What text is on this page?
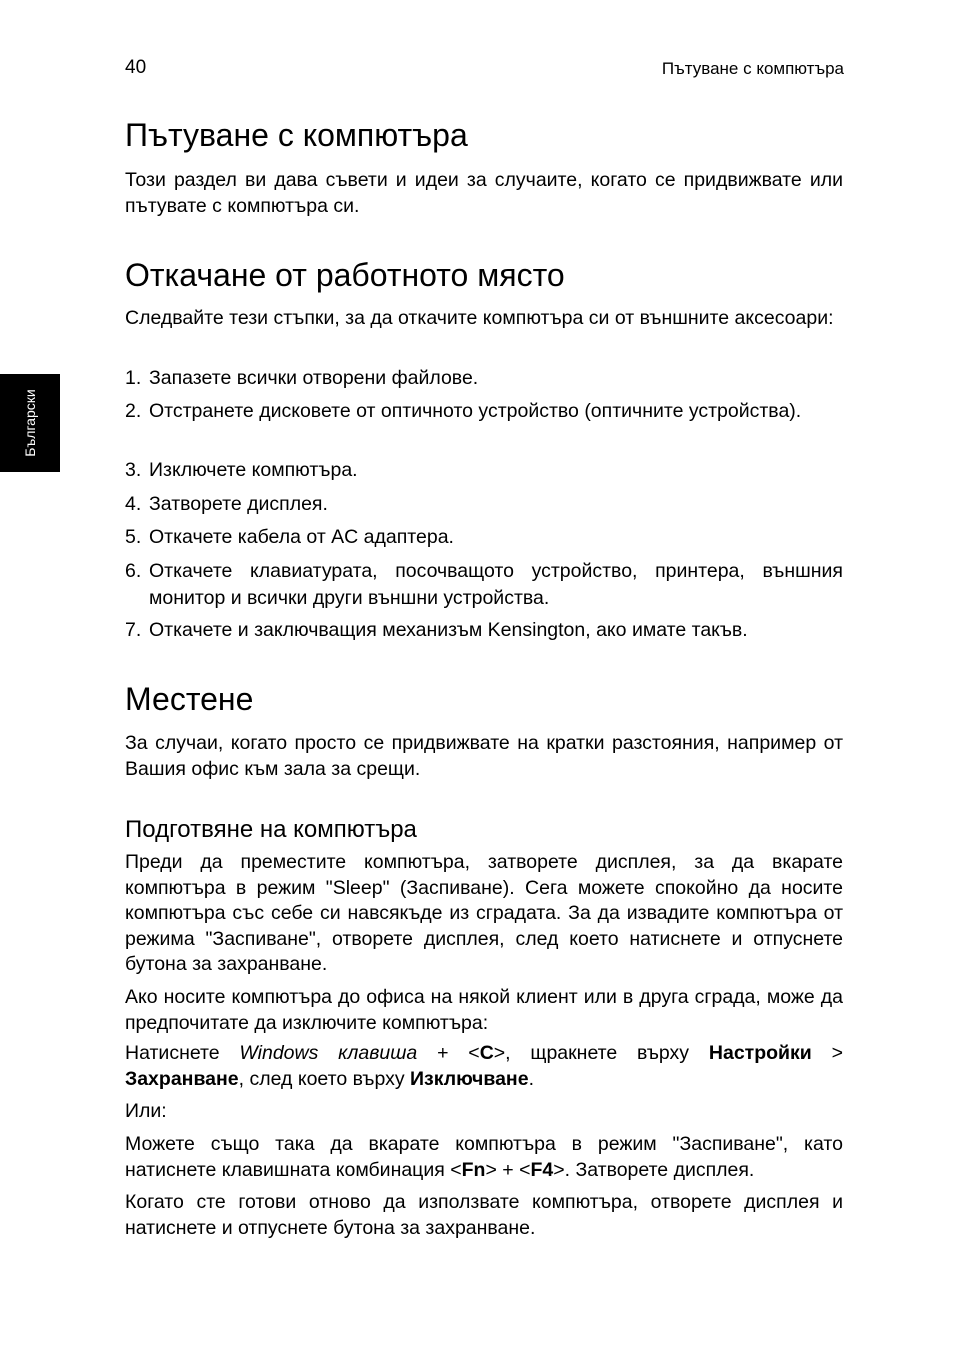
40	Пътуване с компютъра
Български
Пътуване с компютъра

Този раздел ви дава съвети и идеи за случаите, когато се придвижвате или пътувате с компютъра си.

Откачане от работното място

Следвайте тези стъпки, за да откачите компютъра си от външните аксесоари:

1. Запазете всички отворени файлове.
2. Отстранете дисковете от оптичното устройство (оптичните устройства).
3. Изключете компютъра.
4. Затворете дисплея.
5. Откачете кабела от AC адаптера.
6. Откачете клавиатурата, посочващото устройство, принтера, външния монитор и всички други външни устройства.
7. Откачете и заключващия механизъм Kensington, ако имате такъв.
Местене

За случаи, когато просто се придвижвате на кратки разстояния, например от Вашия офис към зала за срещи.

Подготвяне на компютъра

Преди да преместите компютъра, затворете дисплея, за да вкарате компютъра в режим "Sleep" (Заспиване). Сега можете спокойно да носите компютъра със себе си навсякъде из сградата. За да извадите компютъра от режима "Заспиване", отворете дисплея, след което натиснете и отпуснете бутона за захранване.

Ако носите компютъра до офиса на някой клиент или в друга сграда, може да предпочитате да изключите компютъра:

Натиснете Windows клавиша + <C>, щракнете върху Настройки > Захранване, след което върху Изключване.

Или:

Можете също така да вкарате компютъра в режим "Заспиване", като натиснете клавишната комбинация <Fn> + <F4>. Затворете дисплея.

Когато сте готови отново да използвате компютъра, отворете дисплея и натиснете и отпуснете бутона за захранване.
